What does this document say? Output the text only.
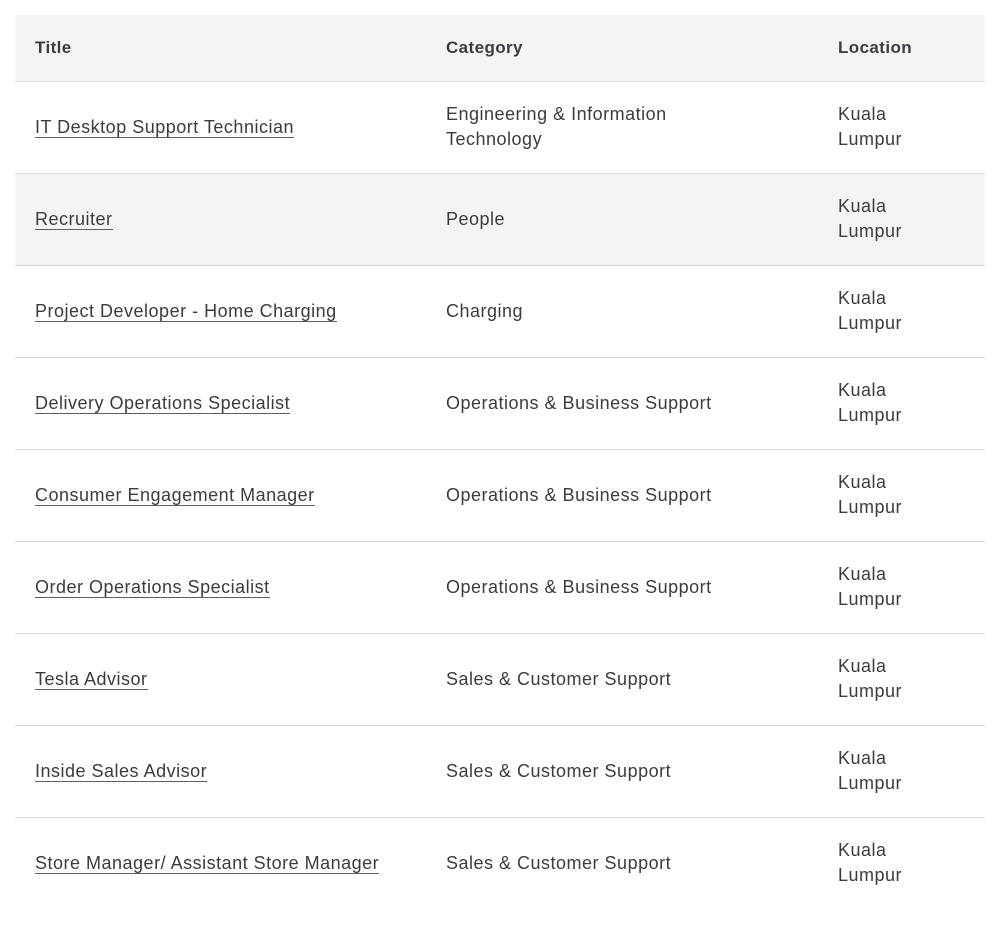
Title	Category	Location
IT Desktop Support Technician	Engineering & Information Technology	Kuala Lumpur
Recruiter	People	Kuala Lumpur
Project Developer - Home Charging	Charging	Kuala Lumpur
Delivery Operations Specialist	Operations & Business Support	Kuala Lumpur
Consumer Engagement Manager	Operations & Business Support	Kuala Lumpur
Order Operations Specialist	Operations & Business Support	Kuala Lumpur
Tesla Advisor	Sales & Customer Support	Kuala Lumpur
Inside Sales Advisor	Sales & Customer Support	Kuala Lumpur
Store Manager/ Assistant Store Manager	Sales & Customer Support	Kuala Lumpur
